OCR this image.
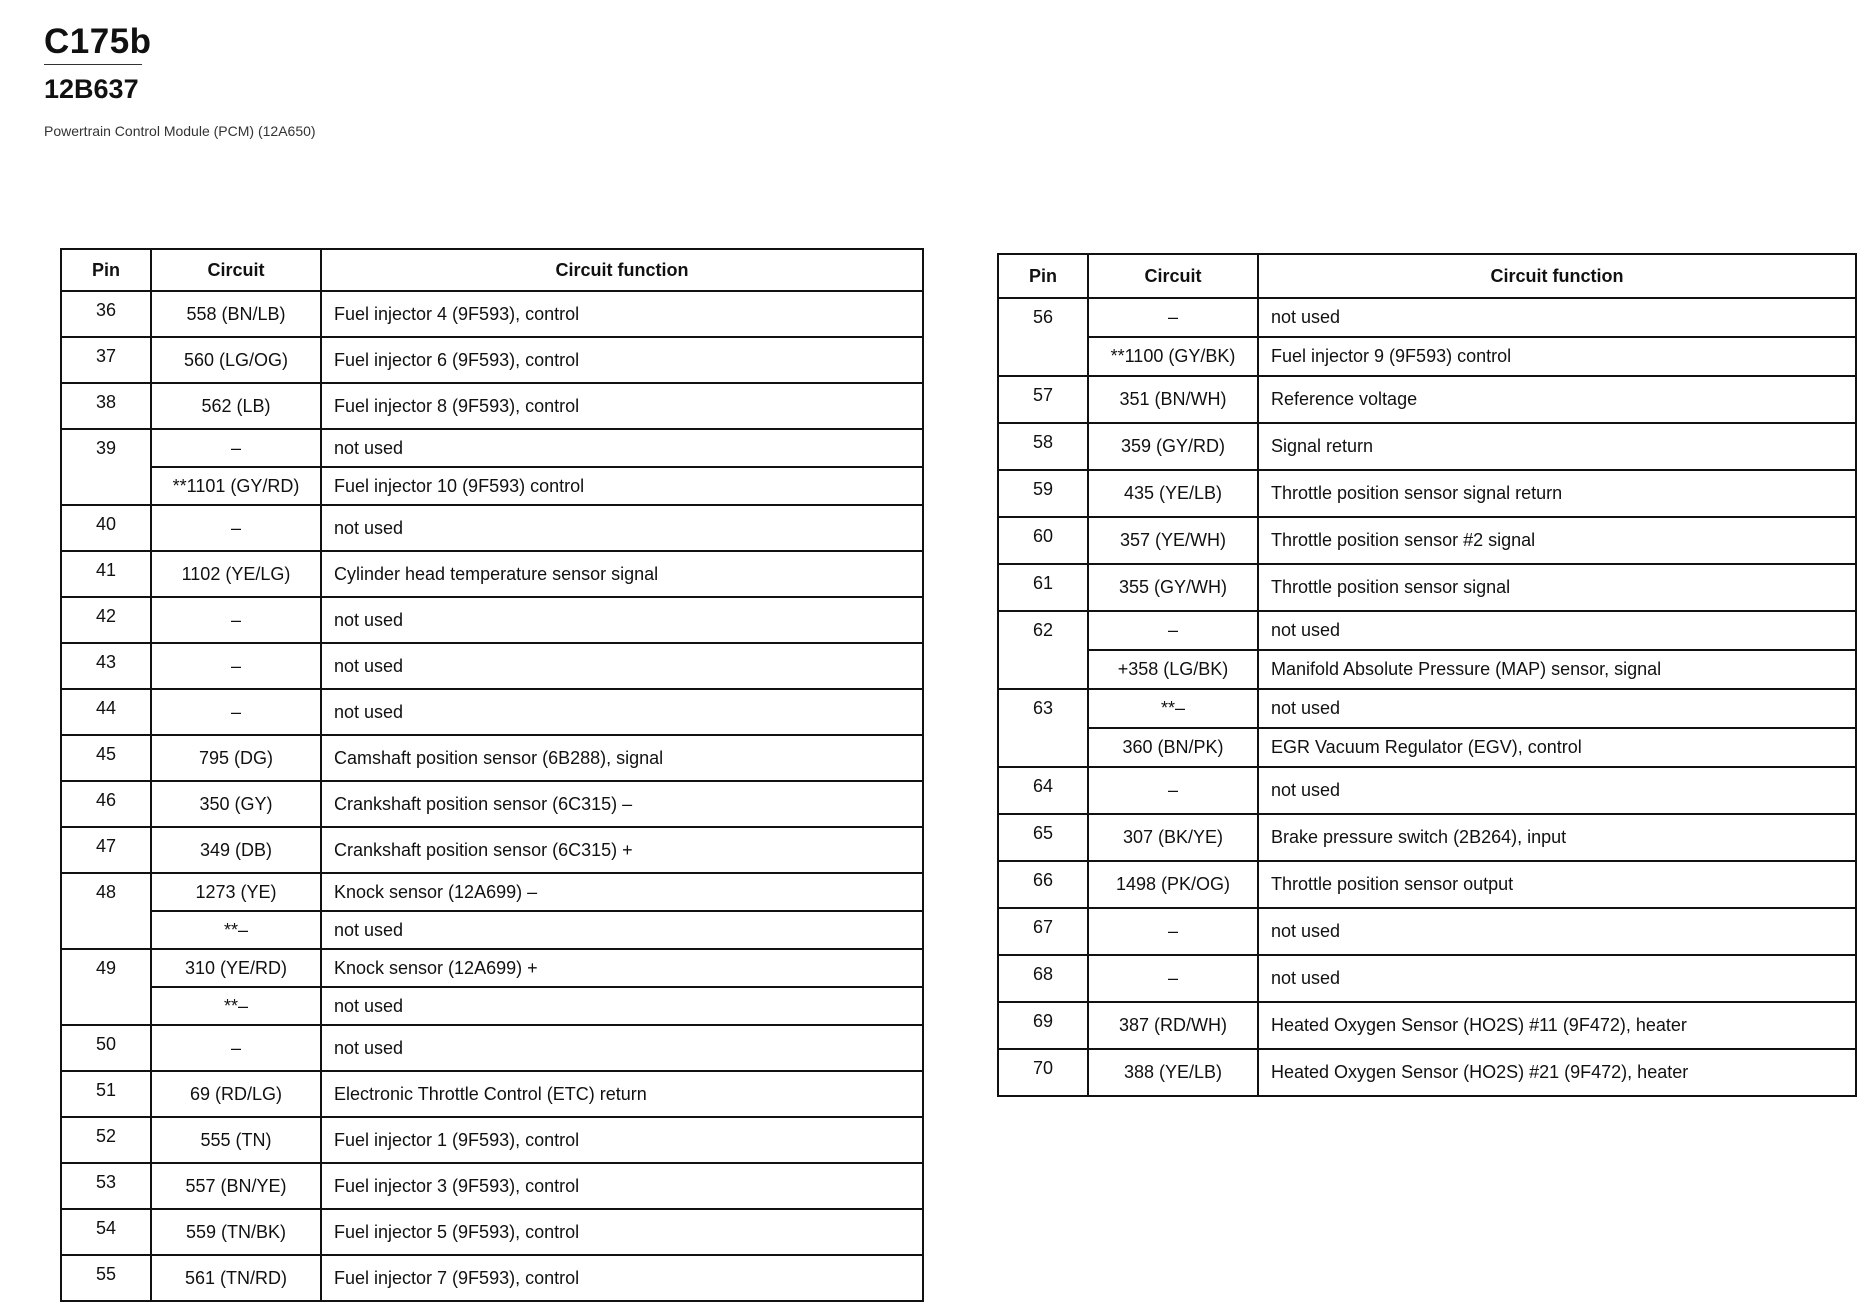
C175b
12B637
Powertrain Control Module (PCM) (12A650)
Pin	Circuit	Circuit function
36	558 (BN/LB)	Fuel injector 4 (9F593), control
37	560 (LG/OG)	Fuel injector 6 (9F593), control
38	562 (LB)	Fuel injector 8 (9F593), control
39	–	not used
	**1101 (GY/RD)	Fuel injector 10 (9F593) control
40	–	not used
41	1102 (YE/LG)	Cylinder head temperature sensor signal
42	–	not used
43	–	not used
44	–	not used
45	795 (DG)	Camshaft position sensor (6B288), signal
46	350 (GY)	Crankshaft position sensor (6C315) –
47	349 (DB)	Crankshaft position sensor (6C315) +
48	1273 (YE)	Knock sensor (12A699) –
	**–	not used
49	310 (YE/RD)	Knock sensor (12A699) +
	**–	not used
50	–	not used
51	69 (RD/LG)	Electronic Throttle Control (ETC) return
52	555 (TN)	Fuel injector 1 (9F593), control
53	557 (BN/YE)	Fuel injector 3 (9F593), control
54	559 (TN/BK)	Fuel injector 5 (9F593), control
55	561 (TN/RD)	Fuel injector 7 (9F593), control
Pin	Circuit	Circuit function
56	–	not used
	**1100 (GY/BK)	Fuel injector 9 (9F593) control
57	351 (BN/WH)	Reference voltage
58	359 (GY/RD)	Signal return
59	435 (YE/LB)	Throttle position sensor signal return
60	357 (YE/WH)	Throttle position sensor #2 signal
61	355 (GY/WH)	Throttle position sensor signal
62	–	not used
	+358 (LG/BK)	Manifold Absolute Pressure (MAP) sensor, signal
63	**–	not used
	360 (BN/PK)	EGR Vacuum Regulator (EGV), control
64	–	not used
65	307 (BK/YE)	Brake pressure switch (2B264), input
66	1498 (PK/OG)	Throttle position sensor output
67	–	not used
68	–	not used
69	387 (RD/WH)	Heated Oxygen Sensor (HO2S) #11 (9F472), heater
70	388 (YE/LB)	Heated Oxygen Sensor (HO2S) #21 (9F472), heater
